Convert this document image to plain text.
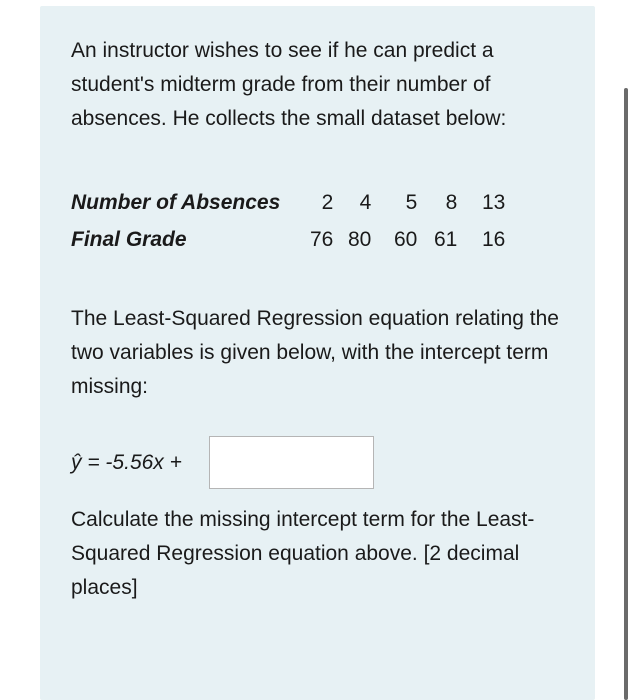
An instructor wishes to see if he can predict a student's midterm grade from their number of absences. He collects the small dataset below:

Number of Absences	2	4	5	8	13
Final Grade	76	80	60	61	16

The Least-Squared Regression equation relating the two variables is given below, with the intercept term missing:

ŷ = -5.56x +

Calculate the missing intercept term for the Least-Squared Regression equation above. [2 decimal places]
